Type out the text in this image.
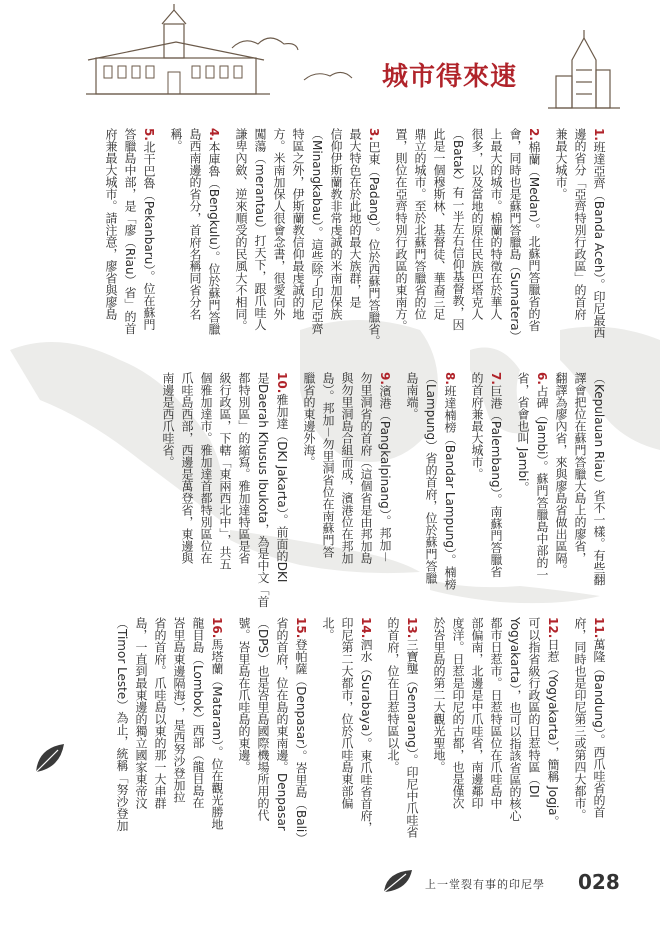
城市得來速
1.班達亞齊（Banda Aceh）。印尼最西
邊的省分「亞齊特別行政區」的首府
兼最大城市。
2.棉蘭（Medan）。北蘇門答臘省的省
會，同時也是蘇門答臘島（Sumatera）
上最大的城市。棉蘭的特徵在於華人
很多，以及當地的原住民族巴塔克人
（Batak）有一半左右信仰基督教，因
此是一個穆斯林、基督徒、華裔三足
鼎立的城市。至於北蘇門答臘省的位
置，則位在亞齊特別行政區的東南方。
3.巴東（Padang）。位於西蘇門答臘省。
最大特色在於此地的最大族群，是
信仰伊斯蘭教非常虔誠的米南加保族
（Minangkabau）。這些除了印尼亞齊
特區之外，伊斯蘭教信仰最虔誠的地
方。米南加保人很會念書，很愛向外
闖蕩（merantau）打天下，跟爪哇人
謙卑內斂、逆來順受的民風大不相同。
4.本庫魯（Bengkulu）。位於蘇門答臘
島西南邊的省分，首府名稱同省分名
稱。
5.北干巴魯（Pekanbaru）。位在蘇門
答臘島中部，是「廖（Riau）省」的首
府兼最大城市。請注意，廖省與廖島
（Kepulauan Riau）省不一樣。有些翻
譯會把位在蘇門答臘大島上的廖省，
翻譯為廖內省，來與廖島省做出區隔。
6.占碑（Jambi）。蘇門答臘島中部的一
省，省會也叫 Jambi。
7.巨港（Palembang）。南蘇門答臘省
的首府兼最大城市。
8.班達楠榜（Bandar Lampung）。楠榜
（Lampung）省的首府，位於蘇門答臘
島南端。
9.濱港（Pangkalpinang）。邦加－
勿里洞省的首府（這個省是由邦加島
與勿里洞島合組而成，濱港位在邦加
島）。邦加－勿里洞省位在南蘇門答
臘省的東邊外海。
10.雅加達（DKI Jakarta）。前面的DKI
是Daerah Khusus Ibukota，為是中文「首
都特別區」的縮寫。雅加達特區是省
級行政區，下轄「東兩西北中」，共五
個雅加達市。雅加達首都特別區位在
爪哇島西部，西邊是萬登省，東邊與
南邊是西爪哇省。
11.萬隆（Bandung）。西爪哇省的首
府，同時也是印尼第三或第四大都市。
12.日惹（Yogyakarta），簡稱 Jogja。
可以指省級行政區的日惹特區（DI
Yogyakarta），也可以指該省區的核心
都市日惹市。日惹特區位在爪哇島中
部偏南，北邊是中爪哇省，南邊鄰印
度洋。日惹是印尼的古都，也是僅次
於峇里島的第二大觀光聖地。
13.三寶壟（Semarang）。印尼中爪哇省
的首府，位在日惹特區以北。
14.泗水（Surabaya）。東爪哇省首府，
印尼第二大都市，位於爪哇島東部偏
北。
15.登帕薩（Denpasar）。峇里島（Bali）
省的首府，位在島的東南邊。Denpasar
（DPS）也是峇里島國際機場所用的代
號。峇里島在爪哇島的東邊。
16.馬塔蘭（Mataram）。位在觀光勝地
龍目島（Lombok）西部（龍目島在
峇里島東邊隔海），是西努沙登加拉
省的首府。爪哇島以東的那一大串群
島，一直到最東邊的獨立國家東帝汶
（Timor Leste）為止，統稱「努沙登加
上一堂裂有事的印尼學 028
